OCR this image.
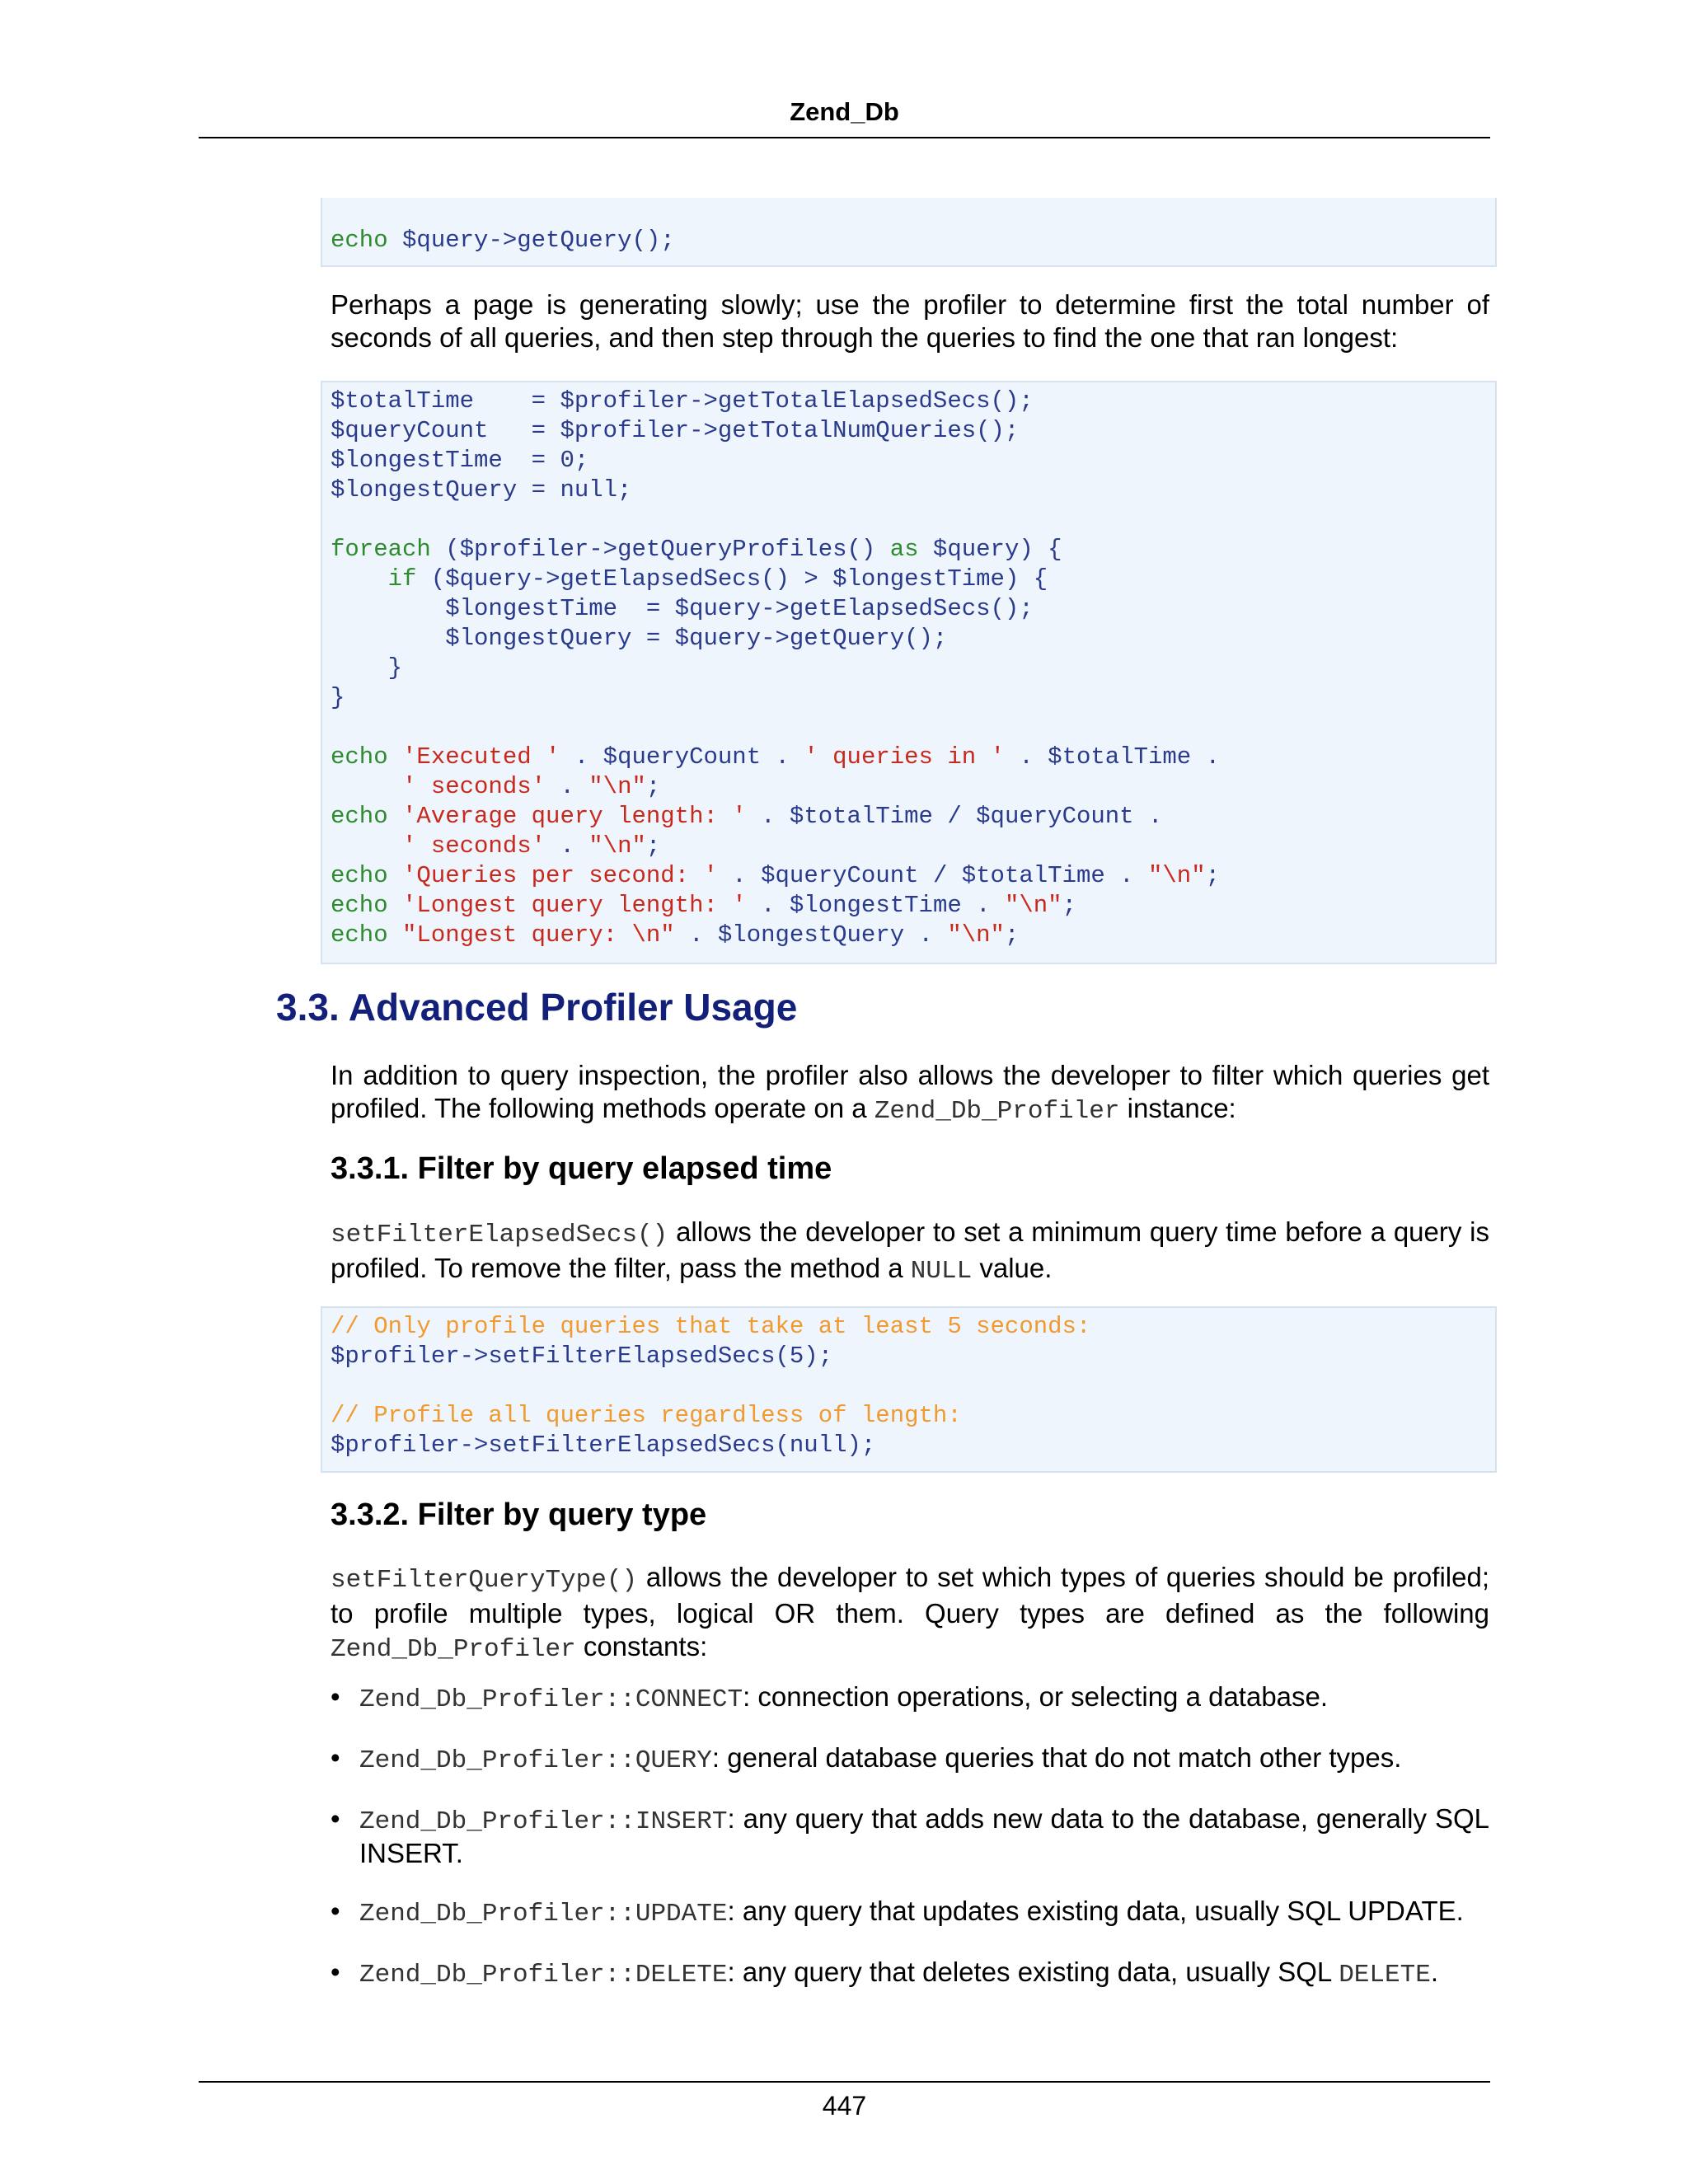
Zend_Db
echo $query->getQuery();

Perhaps a page is generating slowly; use the profiler to determine first the total number of seconds of all queries, and then step through the queries to find the one that ran longest:

$totalTime    = $profiler->getTotalElapsedSecs();
$queryCount   = $profiler->getTotalNumQueries();
$longestTime  = 0;
$longestQuery = null;
foreach ($profiler->getQueryProfiles() as $query) {
if ($query->getElapsedSecs() > $longestTime) {
$longestTime  = $query->getElapsedSecs();
$longestQuery = $query->getQuery();
}
}
echo 'Executed ' . $queryCount . ' queries in ' . $totalTime .
' seconds' . "\n";
echo 'Average query length: ' . $totalTime / $queryCount .
' seconds' . "\n";
echo 'Queries per second: ' . $queryCount / $totalTime . "\n";
echo 'Longest query length: ' . $longestTime . "\n";
echo "Longest query: \n" . $longestQuery . "\n";
3.3. Advanced Profiler Usage

In addition to query inspection, the profiler also allows the developer to filter which queries get profiled. The following methods operate on a Zend_Db_Profiler instance:

3.3.1. Filter by query elapsed time

setFilterElapsedSecs() allows the developer to set a minimum query time before a query is profiled. To remove the filter, pass the method a NULL value.

// Only profile queries that take at least 5 seconds:
$profiler->setFilterElapsedSecs(5);
// Profile all queries regardless of length:
$profiler->setFilterElapsedSecs(null);
3.3.2. Filter by query type

setFilterQueryType() allows the developer to set which types of queries should be profiled; to profile multiple types, logical OR them. Query types are defined as the following Zend_Db_Profiler constants:

• Zend_Db_Profiler::CONNECT: connection operations, or selecting a database.
• Zend_Db_Profiler::QUERY: general database queries that do not match other types.
• Zend_Db_Profiler::INSERT: any query that adds new data to the database, generally SQL INSERT.
• Zend_Db_Profiler::UPDATE: any query that updates existing data, usually SQL UPDATE.
• Zend_Db_Profiler::DELETE: any query that deletes existing data, usually SQL DELETE.
447
